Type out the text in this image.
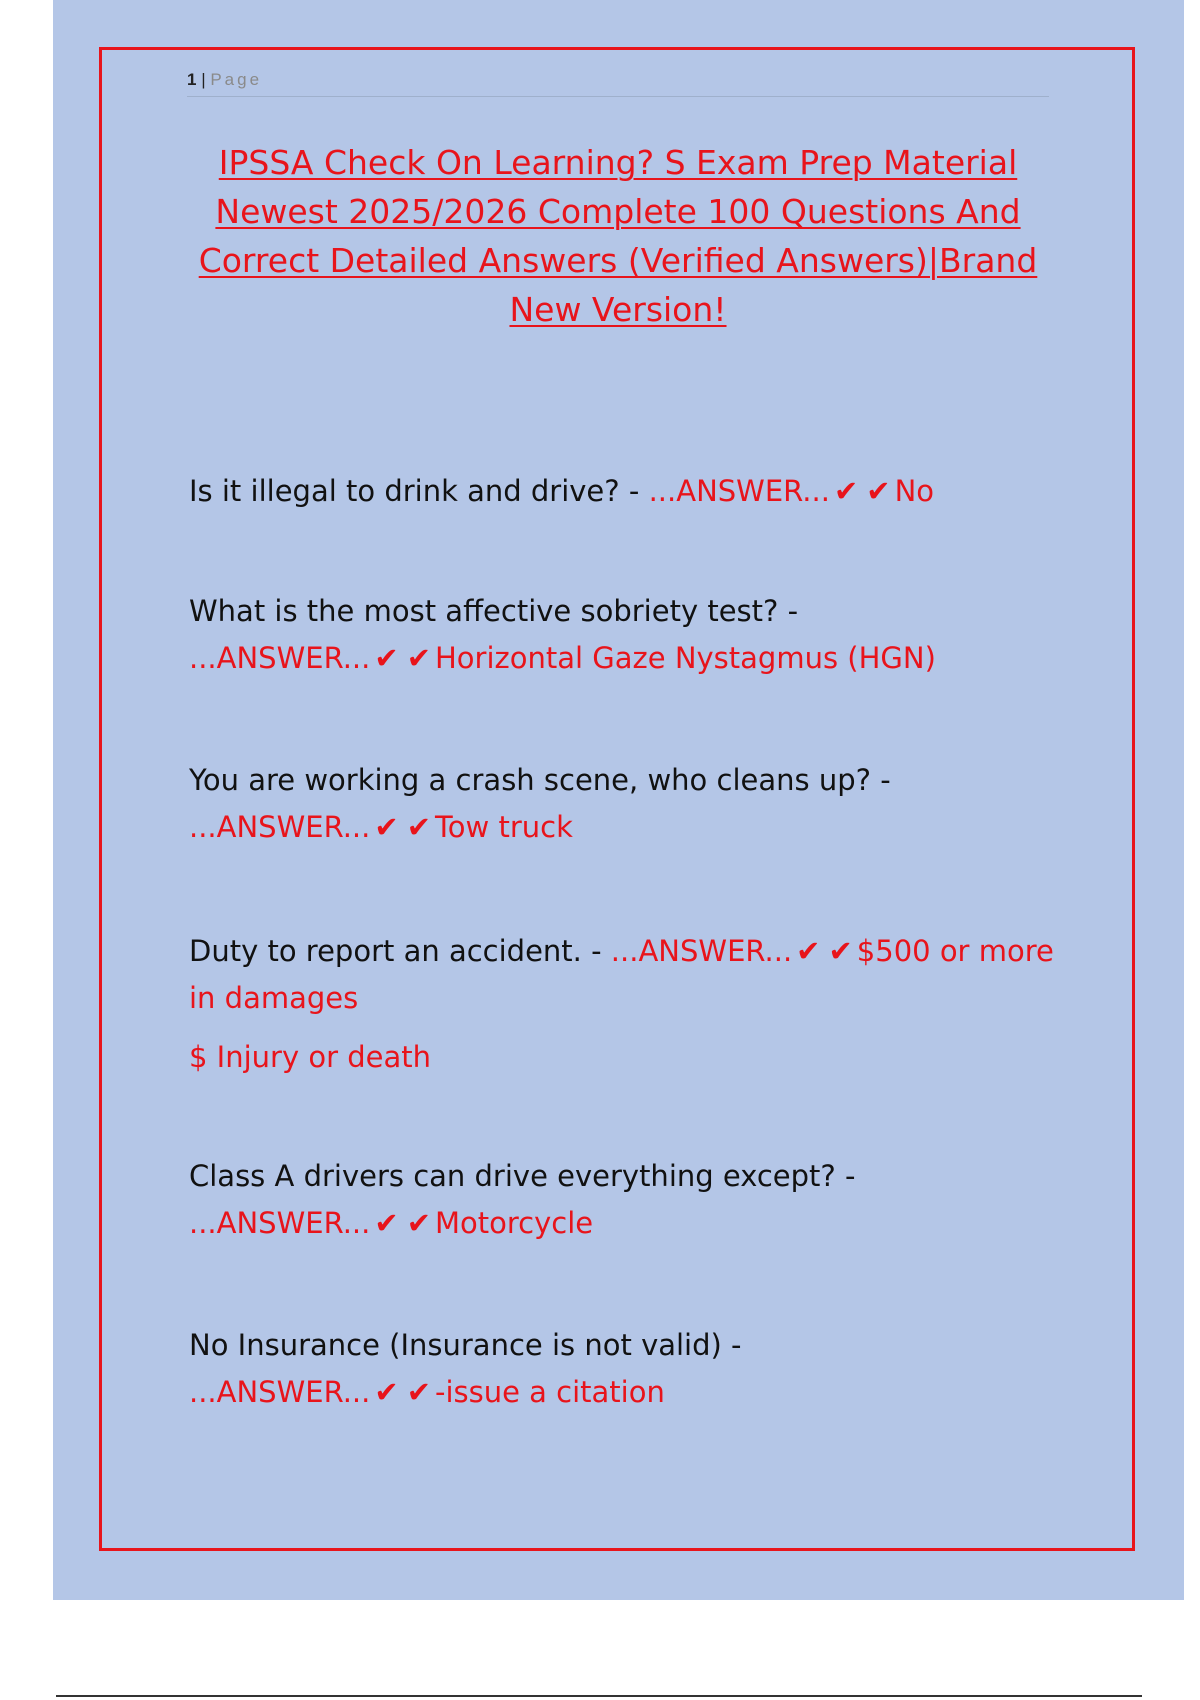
1 | Page
IPSSA Check On Learning? S Exam Prep Material Newest 2025/2026 Complete 100 Questions And Correct Detailed Answers (Verified Answers)|Brand New Version!
Is it illegal to drink and drive? - ...ANSWER... ✔ ✔ No
What is the most affective sobriety test? -
...ANSWER... ✔ ✔ Horizontal Gaze Nystagmus (HGN)
You are working a crash scene, who cleans up? -
...ANSWER... ✔ ✔ Tow truck
Duty to report an accident. - ...ANSWER... ✔ ✔ $500 or more in damages
$ Injury or death
Class A drivers can drive everything except? -
...ANSWER... ✔ ✔ Motorcycle
No Insurance (Insurance is not valid) -
...ANSWER... ✔ ✔ -issue a citation
